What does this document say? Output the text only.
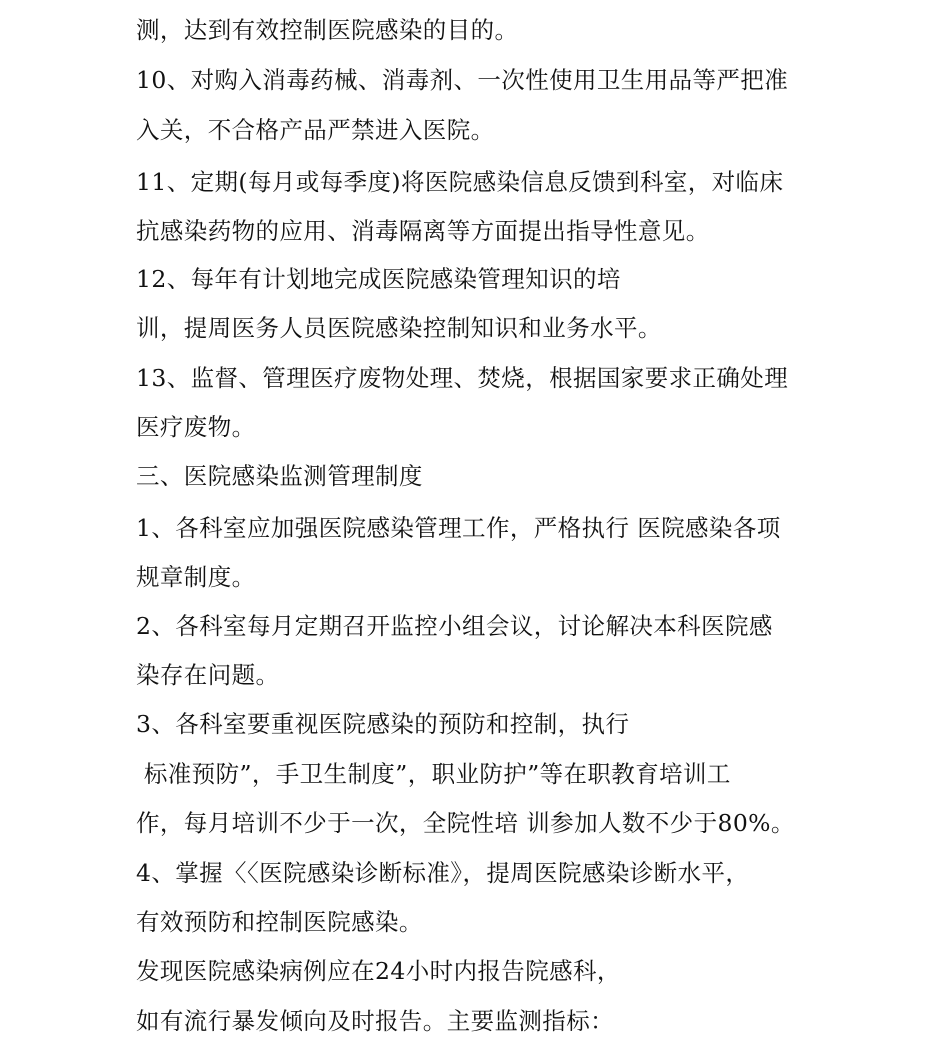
测，达到有效控制医院感染的目的。
10、对购入消毒药械、消毒剂、一次性使用卫生用品等严把准
入关，不合格产品严禁进入医院。
11、定期(每月或每季度)将医院感染信息反馈到科室，对临床
抗感染药物的应用、消毒隔离等方面提出指导性意见。
12、每年有计划地完成医院感染管理知识的培
训，提周医务人员医院感染控制知识和业务水平。
13、监督、管理医疗废物处理、焚烧，根据国家要求正确处理
医疗废物。
三、医院感染监测管理制度
1、各科室应加强医院感染管理工作，严格执行 医院感染各项
规章制度。
2、各科室每月定期召开监控小组会议，讨论解决本科医院感
染存在问题。
3、各科室要重视医院感染的预防和控制，执行
标准预防”，手卫生制度”，职业防护”等在职教育培训工
作，每月培训不少于一次，全院性培 训参加人数不少于80%。
4、掌握〈〈医院感染诊断标准》，提周医院感染诊断水平，
有效预防和控制医院感染。
发现医院感染病例应在24小时内报告院感科，
如有流行暴发倾向及时报告。主要监测指标：
